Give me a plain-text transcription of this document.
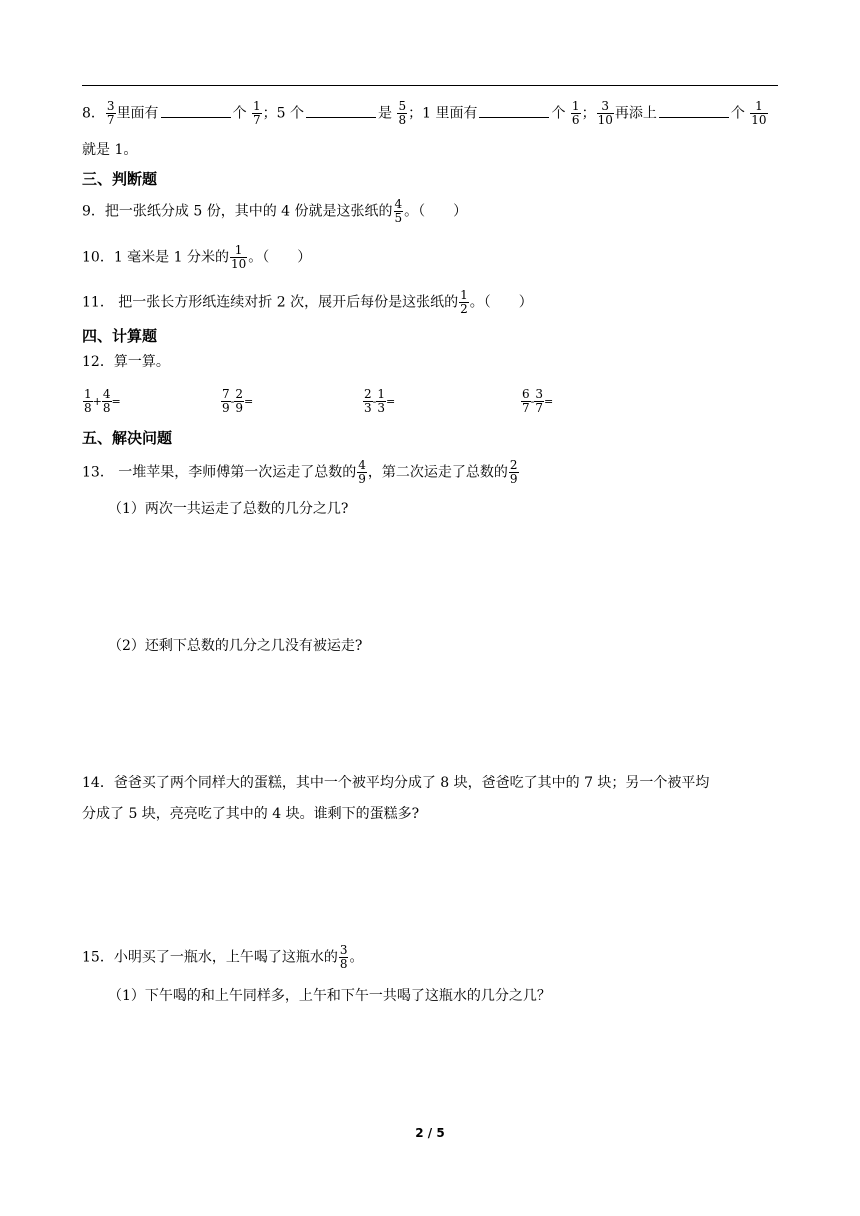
8． $\frac{3}{7}$ 里面有	个 $\frac{1}{7}$ ；5 个	是 $\frac{5}{8}$ ；1 里面有	个 $\frac{1}{6}$ ； $\frac{3}{10}$ 再添上	个 $\frac{1}{10}$
就是 1。
三、判断题
9．把一张纸分成 5 份，其中的 4 份就是这张纸的 $\frac{4}{5}$ 。（　　）
10．1 毫米是 1 分米的 $\frac{1}{10}$ 。（　　）
11． 把一张长方形纸连续对折 2 次，展开后每份是这张纸的 $\frac{1}{2}$ 。（　　）
四、计算题
12．算一算。
$\frac{1}{8} + \frac{4}{8}$ =	$\frac{7}{9} - \frac{2}{9}$ =	$\frac{2}{3} - \frac{1}{3}$ =	$\frac{6}{7} - \frac{3}{7}$ =
五、解决问题
13． 一堆苹果，李师傅第一次运走了总数的 $\frac{4}{9}$ ，第二次运走了总数的 $\frac{2}{9}$
（1）两次一共运走了总数的几分之几?
（2）还剩下总数的几分之几没有被运走?
14．爸爸买了两个同样大的蛋糕，其中一个被平均分成了 8 块，爸爸吃了其中的 7 块；另一个被平均
分成了 5 块，亮亮吃了其中的 4 块。谁剩下的蛋糕多?
15．小明买了一瓶水，上午喝了这瓶水的 $\frac{3}{8}$ 。
（1）下午喝的和上午同样多，上午和下午一共喝了这瓶水的几分之几？
2 / 5
